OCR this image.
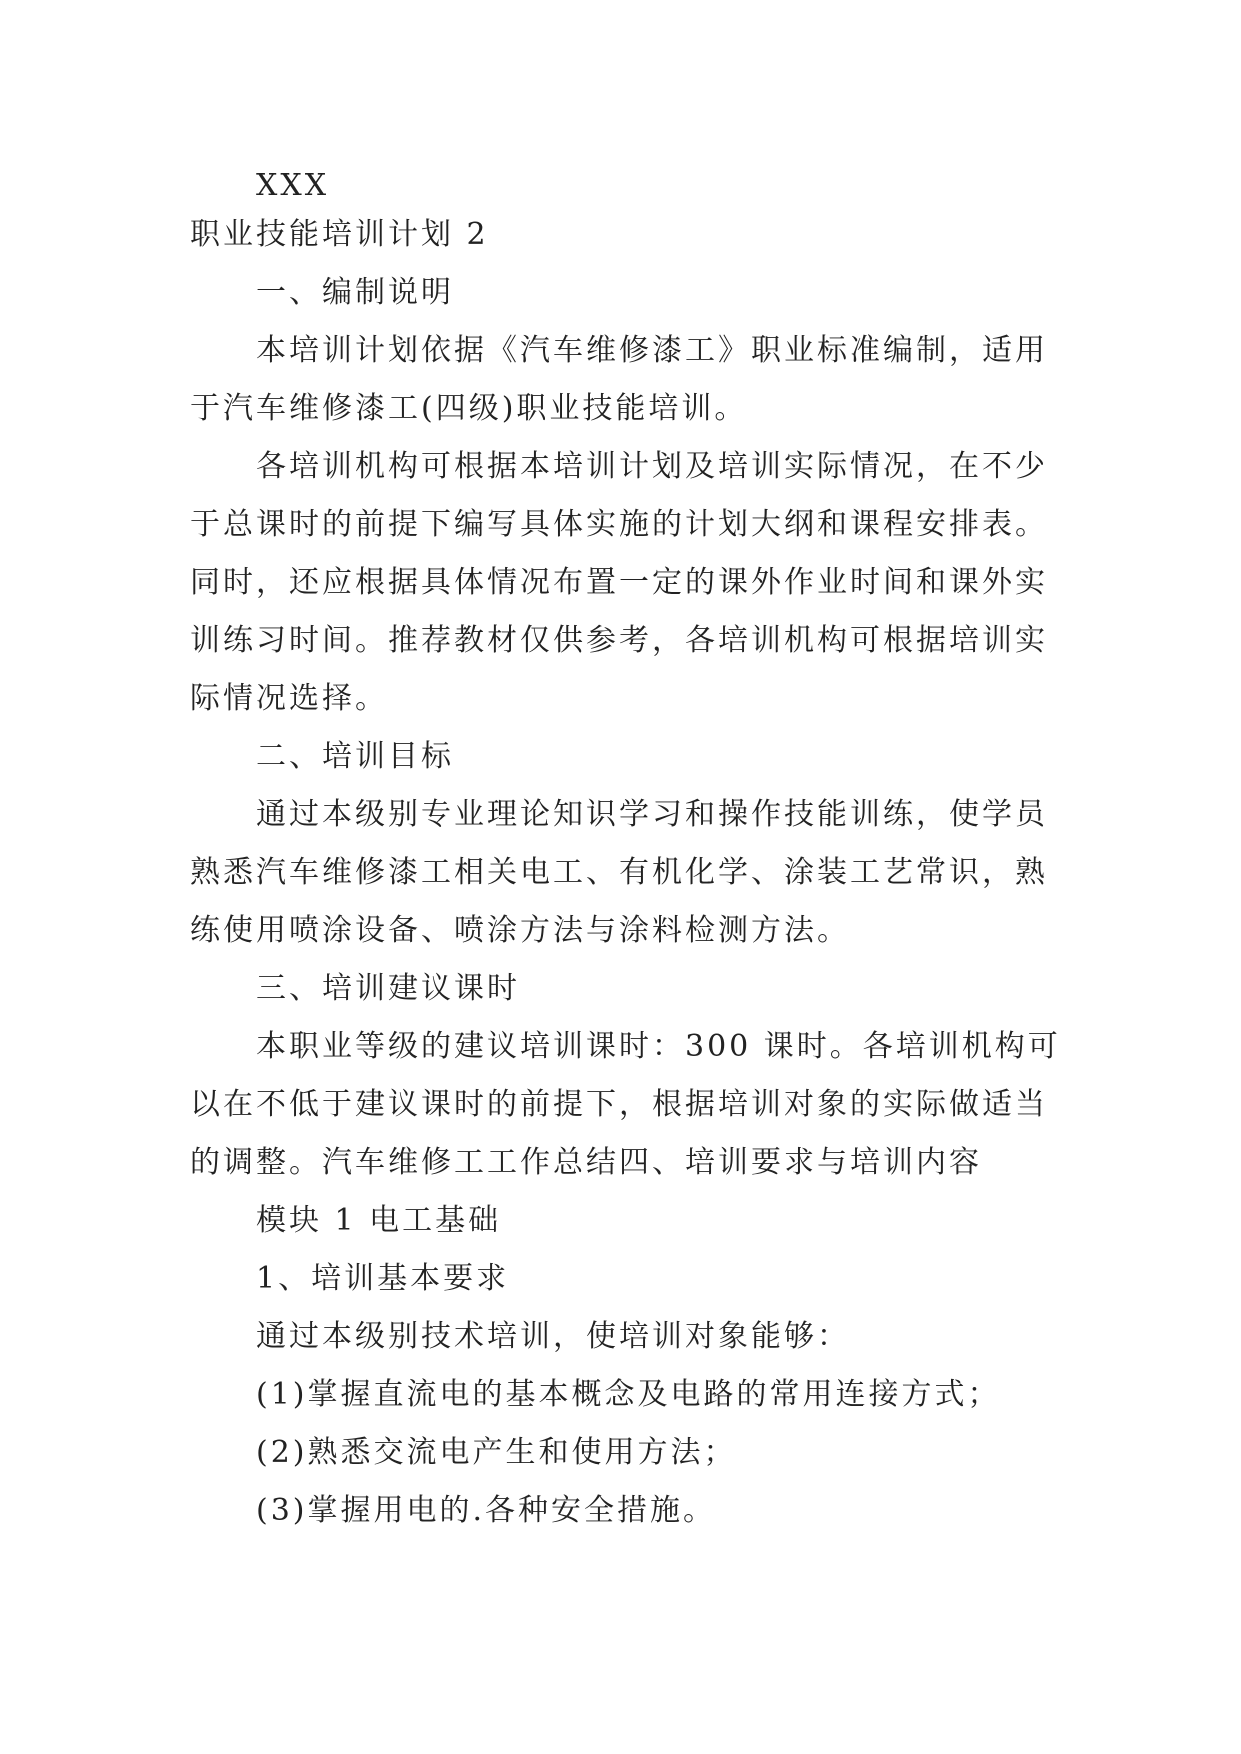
XXX
职业技能培训计划 2
一、编制说明
本培训计划依据《汽车维修漆工》职业标准编制，适用
于汽车维修漆工(四级)职业技能培训。
各培训机构可根据本培训计划及培训实际情况，在不少
于总课时的前提下编写具体实施的计划大纲和课程安排表。
同时，还应根据具体情况布置一定的课外作业时间和课外实
训练习时间。推荐教材仅供参考，各培训机构可根据培训实
际情况选择。
二、培训目标
通过本级别专业理论知识学习和操作技能训练，使学员
熟悉汽车维修漆工相关电工、有机化学、涂装工艺常识，熟
练使用喷涂设备、喷涂方法与涂料检测方法。
三、培训建议课时
本职业等级的建议培训课时：300 课时。各培训机构可
以在不低于建议课时的前提下，根据培训对象的实际做适当
的调整。汽车维修工工作总结四、培训要求与培训内容
模块 1 电工基础
1、培训基本要求
通过本级别技术培训，使培训对象能够：
(1)掌握直流电的基本概念及电路的常用连接方式；
(2)熟悉交流电产生和使用方法；
(3)掌握用电的.各种安全措施。
